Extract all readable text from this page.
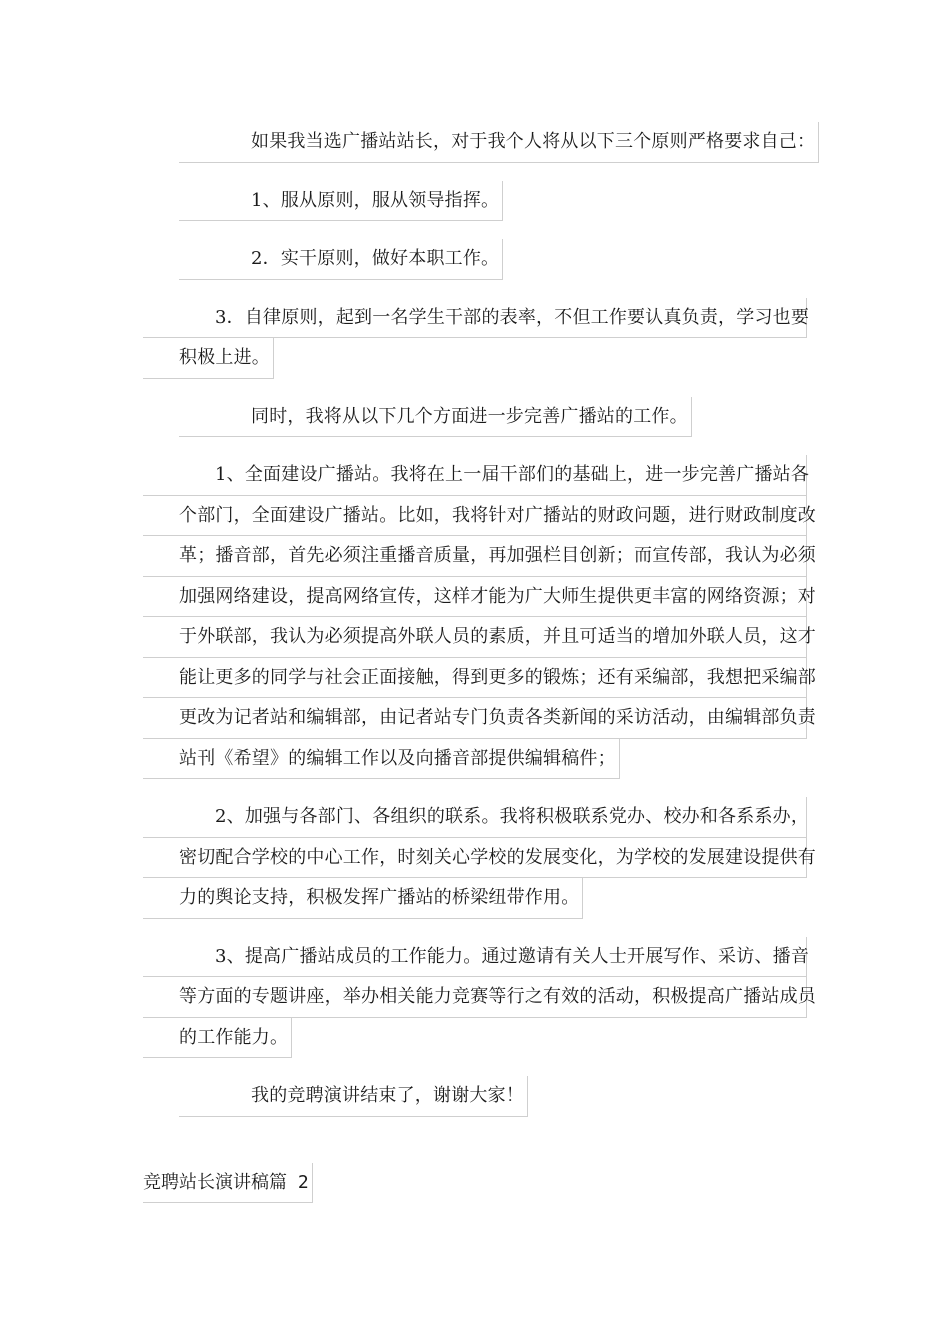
如果我当选广播站站长，对于我个人将从以下三个原则严格要求自己：

1、服从原则，服从领导指挥。

2．实干原则，做好本职工作。

3．自律原则，起到一名学生干部的表率，不但工作要认真负责，学习也要
积极上进。

同时，我将从以下几个方面进一步完善广播站的工作。

1、全面建设广播站。我将在上一届干部们的基础上，进一步完善广播站各
个部门，全面建设广播站。比如，我将针对广播站的财政问题，进行财政制度改
革；播音部，首先必须注重播音质量，再加强栏目创新；而宣传部，我认为必须
加强网络建设，提高网络宣传，这样才能为广大师生提供更丰富的网络资源；对
于外联部，我认为必须提高外联人员的素质，并且可适当的增加外联人员，这才
能让更多的同学与社会正面接触，得到更多的锻炼；还有采编部，我想把采编部
更改为记者站和编辑部，由记者站专门负责各类新闻的采访活动，由编辑部负责
站刊《希望》的编辑工作以及向播音部提供编辑稿件；

2、加强与各部门、各组织的联系。我将积极联系党办、校办和各系系办，
密切配合学校的中心工作，时刻关心学校的发展变化，为学校的发展建设提供有
力的舆论支持，积极发挥广播站的桥梁纽带作用。

3、提高广播站成员的工作能力。通过邀请有关人士开展写作、采访、播音
等方面的专题讲座，举办相关能力竞赛等行之有效的活动，积极提高广播站成员
的工作能力。

我的竞聘演讲结束了，谢谢大家！

竞聘站长演讲稿篇 2
